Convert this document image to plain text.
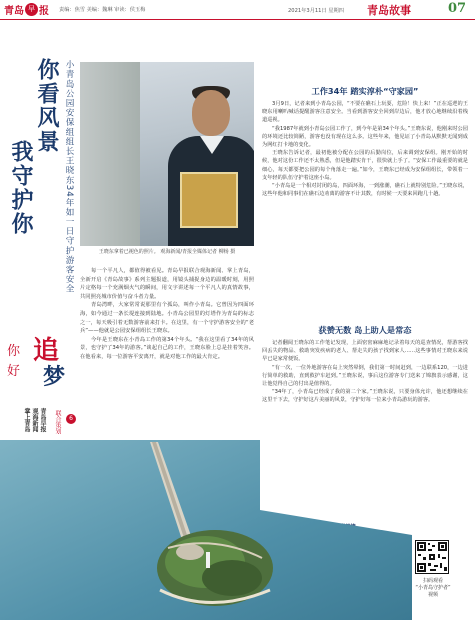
青岛 早 报 责编：焦雪 美编：魏琳 审读：侯玉梅	2021年3月11日 星期四 青岛故事	07
你看风景
我守护你	小青岛公园安保组组长王晓东34年如一日守护游客安全	王晓东拿着已褪色的照片。 观海新闻/青报全媒体记者 柳杨 摄

每一个平凡人，都值得被看见。青岛早报联合观海新闻、掌上青岛，全新开启《青岛故事》系列主题报道，用镜头捕捉身边的温暖时刻，用照片定格每一个充满烟火气的瞬间，用文字讲述每一个平凡人的真情故事，共同照亮城市价值与奋斗者力量。

青岛湾畔，大家常常说那里有个孤岛，叫作小青岛。它曾因为四面环海，如今通过一条长堤连接到陆地。小青岛公园里的灯塔作为青岛的标志之一，每天吸引着无数游客前来打卡。在这里，有一个守护游客安全的“老兵”——他就是公园安保组组长王晓东。

今年是王晓东在小青岛工作的第34个年头。“我在这里看了34年的风景，也守护了34年的游客。”谈起自己的工作，王晓东脸上总是挂着笑容。在他看来，每一位游客平安离开，就是对他工作的最大肯定。

你
好
追
梦
青岛早报
观海新闻
掌上青岛	联合策划	6
工作34年 踏实淳朴“守家园”

3月9日，记者来到小青岛公园，“不要在礁石上玩耍，危险！快上来！”正在巡逻的王晓东用喇叭喊话提醒游客注意安全。当看到游客安全回到岸边后，他才放心地继续沿着栈道巡视。

“我1987年就到小青岛公园工作了，到今年是第34个年头。”王晓东说，他刚来时公园的环境还比较简陋，游客也没有现在这么多。这些年来，他见证了小青岛从默默无闻到成为网红打卡地的变化。

王晓东告诉记者，最初他被分配在公园的后勤岗位，后来调到安保组。刚开始的时候，他对这份工作还不太熟悉，但是他踏实肯干，很快就上手了。“安保工作最重要的就是细心，每天都要把公园的每个角落走一遍。”如今，王晓东已经成为安保组组长，带领着一支年轻的队伍守护着这座小岛。

“小青岛是一个相对封闭的岛，四面环海，一到涨潮，礁石上就特别危险。”王晓东说，这些年他和同事们在礁石边劝离的游客不计其数，有时候一天要来回跑几十趟。

获赞无数 岛上助人是常态

记者翻阅王晓东的工作笔记发现，上面密密麻麻地记录着每天的巡查情况，帮游客找回丢失的物品、救助突发疾病的老人、帮走失的孩子找到家人……这些事情对王晓东来说早已是家常便饭。

“有一次，一位外地游客在岛上突然晕倒，我们第一时间赶到，一边联系120，一边进行简单的救助，直到救护车赶到。”王晓东说，事后这位游客专门送来了锦旗表示感谢，这让他觉得自己的付出是值得的。

“34年了，小青岛已经成了我的第二个家。”王晓东说，只要身体允许，他还想继续在这里干下去，守护好这片美丽的风景，守护好每一位来小青岛游玩的游客。

扫码观看
“小青岛守护者”
视频
